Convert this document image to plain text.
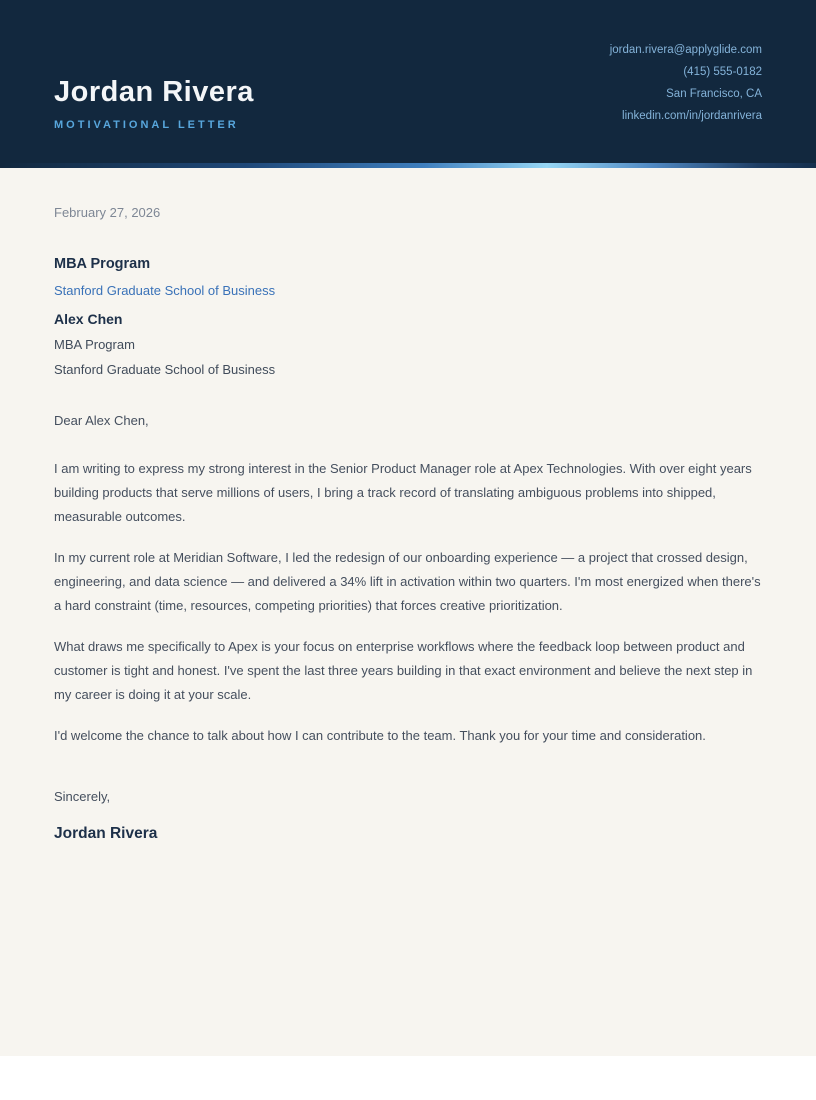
Jordan Rivera
MOTIVATIONAL LETTER
jordan.rivera@applyglide.com
(415) 555-0182
San Francisco, CA
linkedin.com/in/jordanrivera
February 27, 2026
MBA Program
Stanford Graduate School of Business
Alex Chen
MBA Program
Stanford Graduate School of Business
Dear Alex Chen,

I am writing to express my strong interest in the Senior Product Manager role at Apex Technologies. With over eight years building products that serve millions of users, I bring a track record of translating ambiguous problems into shipped, measurable outcomes.

In my current role at Meridian Software, I led the redesign of our onboarding experience — a project that crossed design, engineering, and data science — and delivered a 34% lift in activation within two quarters. I'm most energized when there's a hard constraint (time, resources, competing priorities) that forces creative prioritization.

What draws me specifically to Apex is your focus on enterprise workflows where the feedback loop between product and customer is tight and honest. I've spent the last three years building in that exact environment and believe the next step in my career is doing it at your scale.

I'd welcome the chance to talk about how I can contribute to the team. Thank you for your time and consideration.

Sincerely,
Jordan Rivera
